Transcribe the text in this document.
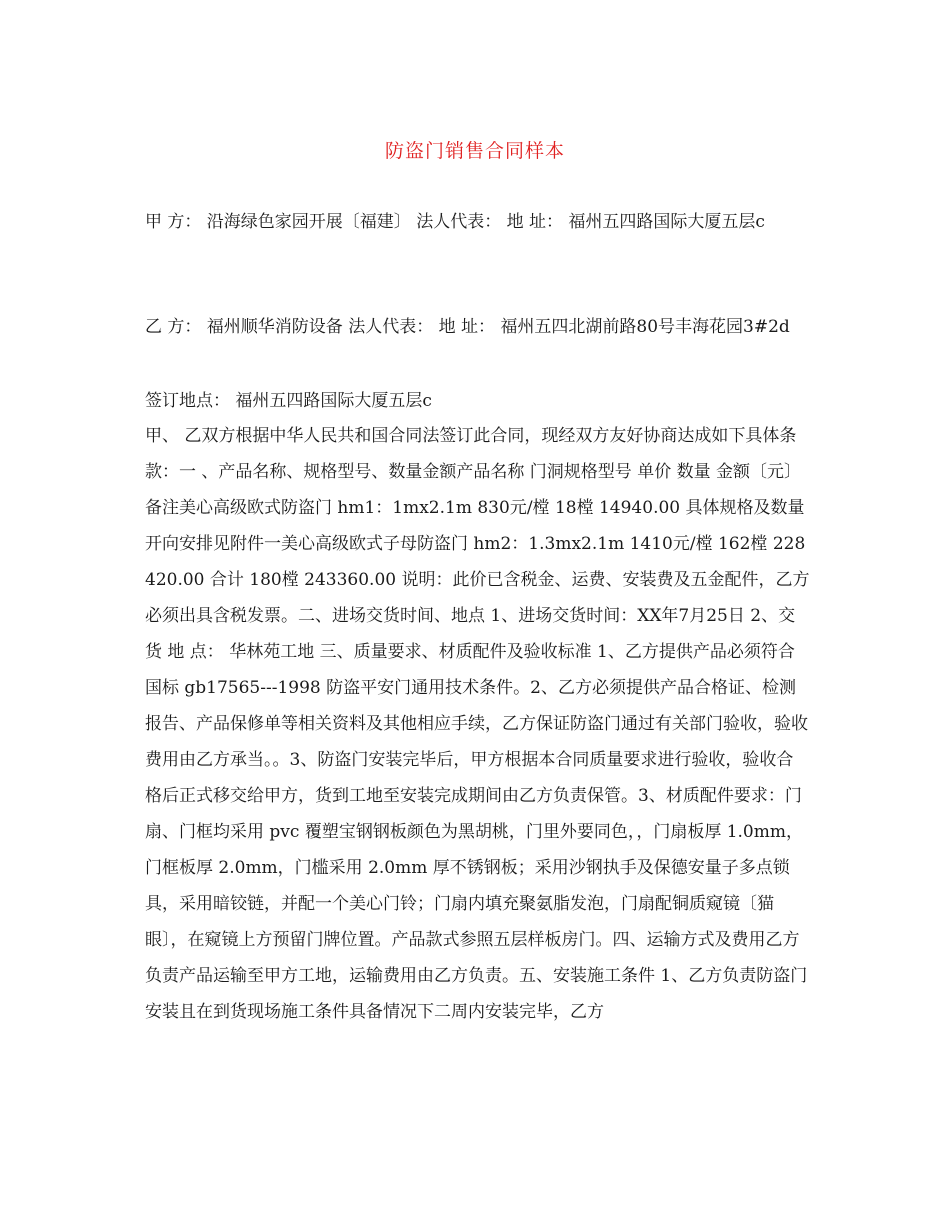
防盗门销售合同样本
甲 方： 沿海绿色家园开展〔福建〕 法人代表： 地 址： 福州五四路国际大厦五层c
乙 方： 福州顺华消防设备 法人代表： 地 址： 福州五四北湖前路80号丰海花园3#2d
签订地点： 福州五四路国际大厦五层c

甲、 乙双方根据中华人民共和国合同法签订此合同，现经双方友好协商达成如下具体条款：一 、产品名称、规格型号、数量金额产品名称 门洞规格型号 单价 数量 金额〔元〕 备注美心高级欧式防盗门 hm1：1mx2.1m 830元/樘 18樘 14940.00 具体规格及数量开向安排见附件一美心高级欧式子母防盗门 hm2：1.3mx2.1m 1410元/樘 162樘 228420.00 合计 180樘 243360.00 说明：此价已含税金、运费、安装费及五金配件，乙方必须出具含税发票。二、进场交货时间、地点 1、进场交货时间：XX年7月25日 2、交 货 地 点： 华林苑工地 三、质量要求、材质配件及验收标准 1、乙方提供产品必须符合国标 gb17565---1998 防盗平安门通用技术条件。2、乙方必须提供产品合格证、检测报告、产品保修单等相关资料及其他相应手续，乙方保证防盗门通过有关部门验收，验收费用由乙方承当。。3、防盗门安装完毕后，甲方根据本合同质量要求进行验收，验收合格后正式移交给甲方，货到工地至安装完成期间由乙方负责保管。3、材质配件要求：门扇、门框均采用 pvc 覆塑宝钢钢板颜色为黑胡桃，门里外要同色，，门扇板厚 1.0mm，门框板厚 2.0mm，门槛采用 2.0mm 厚不锈钢板；采用沙钢执手及保德安量子多点锁具，采用暗铰链，并配一个美心门铃；门扇内填充聚氨脂发泡，门扇配铜质窥镜〔猫眼〕，在窥镜上方预留门牌位置。产品款式参照五层样板房门。四、运输方式及费用乙方负责产品运输至甲方工地，运输费用由乙方负责。五、安装施工条件 1、乙方负责防盗门安装且在到货现场施工条件具备情况下二周内安装完毕，乙方
